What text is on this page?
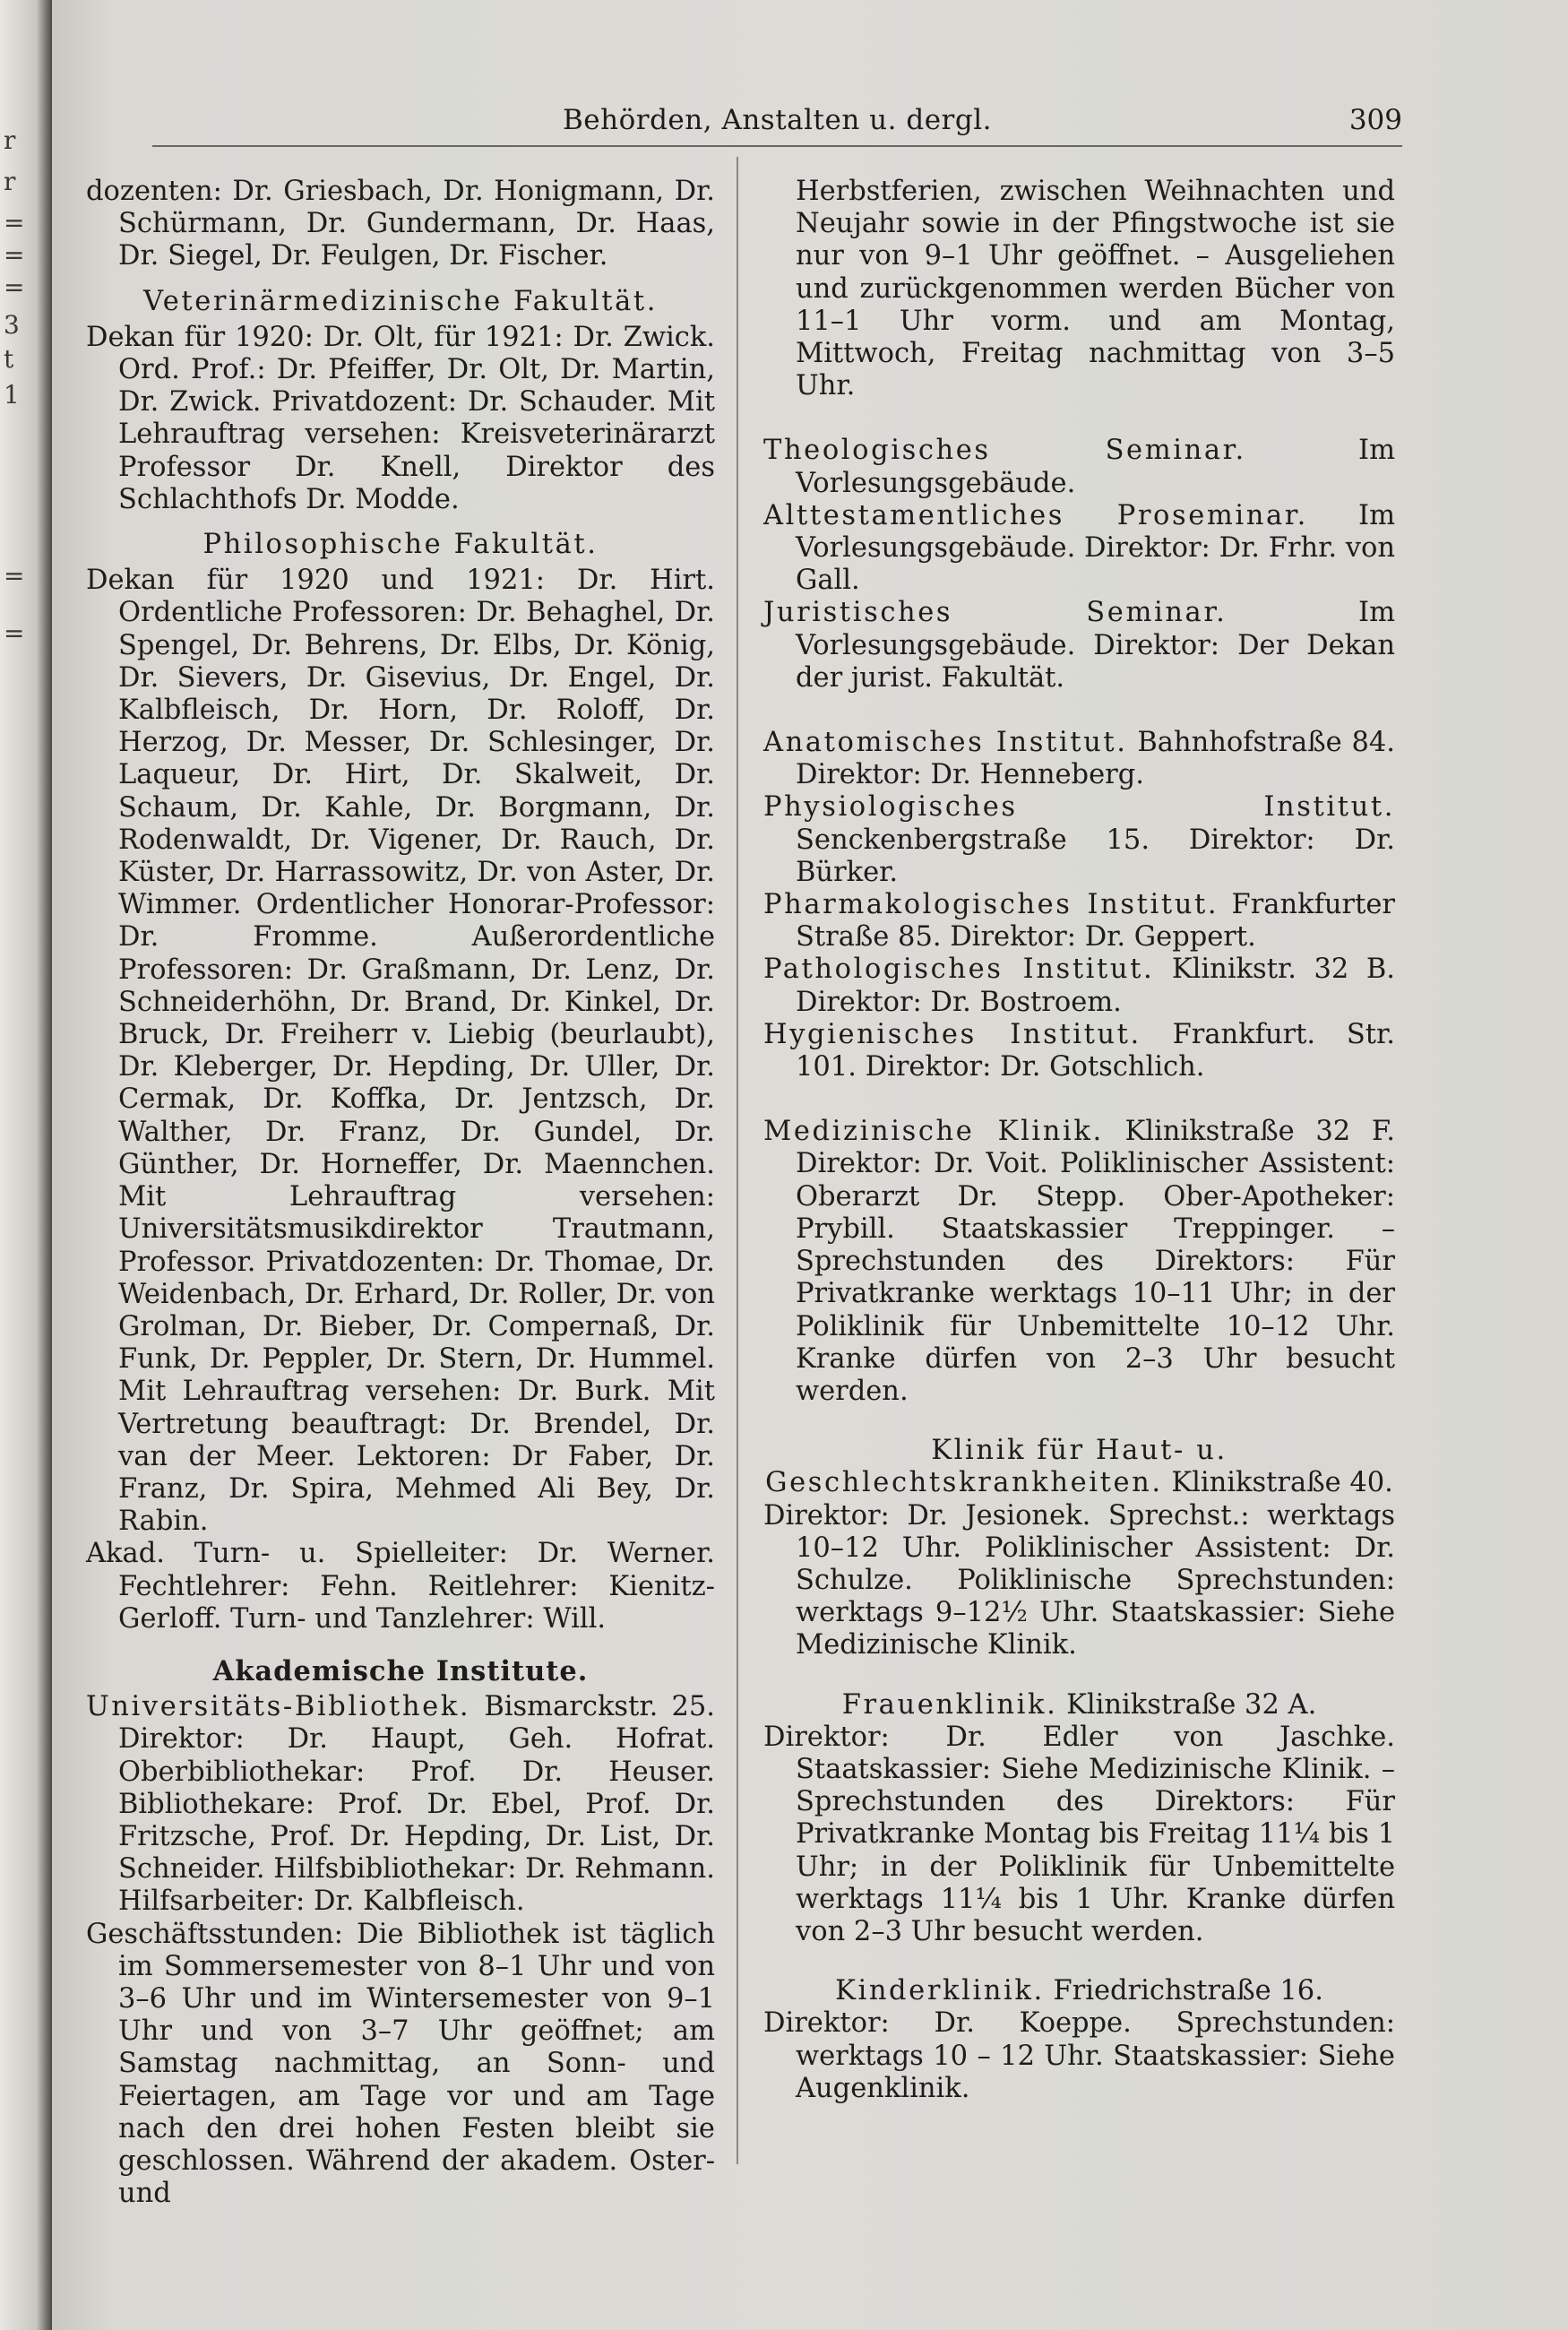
r
r
=
=
=
3
t
1
=
=
Behörden, Anstalten u. dergl.	309

dozenten: Dr. Griesbach, Dr. Honigmann, Dr. Schürmann, Dr. Gundermann, Dr. Haas, Dr. Siegel, Dr. Feulgen, Dr. Fischer.

Veterinärmedizinische Fakultät.

Dekan für 1920: Dr. Olt, für 1921: Dr. Zwick. Ord. Prof.: Dr. Pfeiffer, Dr. Olt, Dr. Martin, Dr. Zwick. Privatdozent: Dr. Schauder. Mit Lehrauftrag versehen: Kreisveterinärarzt Professor Dr. Knell, Direktor des Schlachthofs Dr. Modde.

Philosophische Fakultät.

Dekan für 1920 und 1921: Dr. Hirt. Ordentliche Professoren: Dr. Behaghel, Dr. Spengel, Dr. Behrens, Dr. Elbs, Dr. König, Dr. Sievers, Dr. Gisevius, Dr. Engel, Dr. Kalbfleisch, Dr. Horn, Dr. Roloff, Dr. Herzog, Dr. Messer, Dr. Schlesinger, Dr. Laqueur, Dr. Hirt, Dr. Skalweit, Dr. Schaum, Dr. Kahle, Dr. Borgmann, Dr. Rodenwaldt, Dr. Vigener, Dr. Rauch, Dr. Küster, Dr. Harrassowitz, Dr. von Aster, Dr. Wimmer. Ordentlicher Honorar-Professor: Dr. Fromme. Außerordentliche Professoren: Dr. Graßmann, Dr. Lenz, Dr. Schneiderhöhn, Dr. Brand, Dr. Kinkel, Dr. Bruck, Dr. Freiherr v. Liebig (beurlaubt), Dr. Kleberger, Dr. Hepding, Dr. Uller, Dr. Cermak, Dr. Koffka, Dr. Jentzsch, Dr. Walther, Dr. Franz, Dr. Gundel, Dr. Günther, Dr. Horneffer, Dr. Maennchen. Mit Lehrauftrag versehen: Universitätsmusikdirektor Trautmann, Professor. Privatdozenten: Dr. Thomae, Dr. Weidenbach, Dr. Erhard, Dr. Roller, Dr. von Grolman, Dr. Bieber, Dr. Compernaß, Dr. Funk, Dr. Peppler, Dr. Stern, Dr. Hummel. Mit Lehrauftrag versehen: Dr. Burk. Mit Vertretung beauftragt: Dr. Brendel, Dr. van der Meer. Lektoren: Dr Faber, Dr. Franz, Dr. Spira, Mehmed Ali Bey, Dr. Rabin.

Akad. Turn- u. Spielleiter: Dr. Werner. Fechtlehrer: Fehn. Reitlehrer: Kienitz-Gerloff. Turn- und Tanzlehrer: Will.

Akademische Institute.

Universitäts-Bibliothek. Bismarckstr. 25. Direktor: Dr. Haupt, Geh. Hofrat. Oberbibliothekar: Prof. Dr. Heuser. Bibliothekare: Prof. Dr. Ebel, Prof. Dr. Fritzsche, Prof. Dr. Hepding, Dr. List, Dr. Schneider. Hilfsbibliothekar: Dr. Rehmann. Hilfsarbeiter: Dr. Kalbfleisch.

Geschäftsstunden: Die Bibliothek ist täglich im Sommersemester von 8–1 Uhr und von 3–6 Uhr und im Wintersemester von 9–1 Uhr und von 3–7 Uhr geöffnet; am Samstag nachmittag, an Sonn- und Feiertagen, am Tage vor und am Tage nach den drei hohen Festen bleibt sie geschlossen. Während der akadem. Oster- und

Herbstferien, zwischen Weihnachten und Neujahr sowie in der Pfingstwoche ist sie nur von 9–1 Uhr geöffnet. – Ausgeliehen und zurückgenommen werden Bücher von 11–1 Uhr vorm. und am Montag, Mittwoch, Freitag nachmittag von 3–5 Uhr.

Theologisches Seminar. Im Vorlesungsgebäude.

Alttestamentliches Proseminar. Im Vorlesungsgebäude. Direktor: Dr. Frhr. von Gall.

Juristisches Seminar. Im Vorlesungsgebäude. Direktor: Der Dekan der jurist. Fakultät.

Anatomisches Institut. Bahnhofstraße 84. Direktor: Dr. Henneberg.

Physiologisches Institut. Senckenbergstraße 15. Direktor: Dr. Bürker.

Pharmakologisches Institut. Frankfurter Straße 85. Direktor: Dr. Geppert.

Pathologisches Institut. Klinikstr. 32 B. Direktor: Dr. Bostroem.

Hygienisches Institut. Frankfurt. Str. 101. Direktor: Dr. Gotschlich.

Medizinische Klinik. Klinikstraße 32 F. Direktor: Dr. Voit. Poliklinischer Assistent: Oberarzt Dr. Stepp. Ober-Apotheker: Prybill. Staatskassier Treppinger. – Sprechstunden des Direktors: Für Privatkranke werktags 10–11 Uhr; in der Poliklinik für Unbemittelte 10–12 Uhr. Kranke dürfen von 2–3 Uhr besucht werden.

Klinik für Haut- u. Geschlechtskrankheiten. Klinikstraße 40.

Direktor: Dr. Jesionek. Sprechst.: werktags 10–12 Uhr. Poliklinischer Assistent: Dr. Schulze. Poliklinische Sprechstunden: werktags 9–12½ Uhr. Staatskassier: Siehe Medizinische Klinik.

Frauenklinik. Klinikstraße 32 A.

Direktor: Dr. Edler von Jaschke. Staatskassier: Siehe Medizinische Klinik. – Sprechstunden des Direktors: Für Privatkranke Montag bis Freitag 11¼ bis 1 Uhr; in der Poliklinik für Unbemittelte werktags 11¼ bis 1 Uhr. Kranke dürfen von 2–3 Uhr besucht werden.

Kinderklinik. Friedrichstraße 16.

Direktor: Dr. Koeppe. Sprechstunden: werktags 10 – 12 Uhr. Staatskassier: Siehe Augenklinik.
